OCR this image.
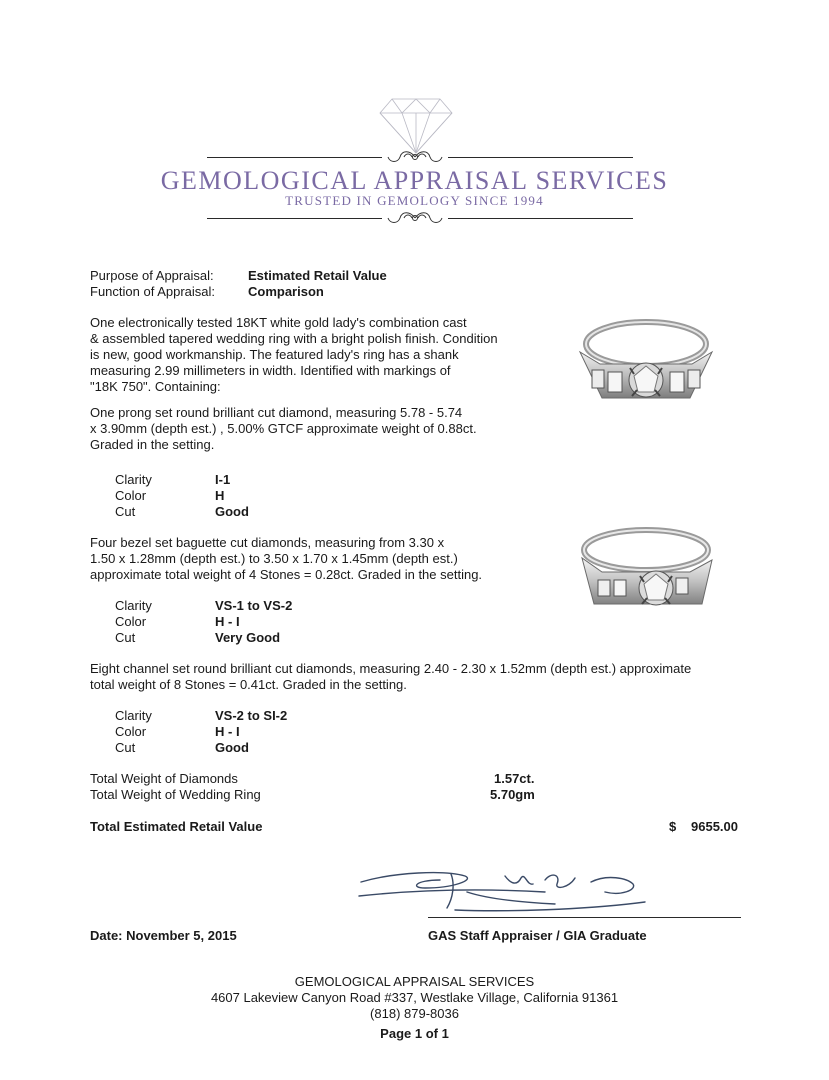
GEMOLOGICAL APPRAISAL SERVICES
TRUSTED IN GEMOLOGY SINCE 1994
Purpose of Appraisal:	Estimated Retail Value
Function of Appraisal:	Comparison
One electronically tested 18KT white gold lady's combination cast
& assembled tapered wedding ring with a bright polish finish. Condition
is new, good workmanship. The featured lady's ring has a shank
measuring 2.99 millimeters in width. Identified with markings of
"18K 750". Containing:
One prong set round brilliant cut diamond, measuring 5.78 - 5.74
x 3.90mm (depth est.) , 5.00% GTCF approximate weight of 0.88ct.
Graded in the setting.
Clarity	I-1
Color	H
Cut	Good
Four bezel set baguette cut diamonds, measuring from 3.30 x
1.50 x 1.28mm (depth est.) to 3.50 x 1.70 x 1.45mm (depth est.)
approximate total weight of 4 Stones = 0.28ct. Graded in the setting.
Clarity	VS-1 to VS-2
Color	H - I
Cut	Very Good
Eight channel set round brilliant cut diamonds, measuring 2.40 - 2.30 x 1.52mm (depth est.) approximate
total weight of 8 Stones = 0.41ct. Graded in the setting.
Clarity	VS-2 to SI-2
Color	H - I
Cut	Good
Total Weight of Diamonds	1.57ct.
Total Weight of Wedding Ring	5.70gm
Total Estimated Retail Value	$ 9655.00
Date: November 5, 2015	GAS Staff Appraiser / GIA Graduate
GEMOLOGICAL APPRAISAL SERVICES
4607 Lakeview Canyon Road #337, Westlake Village, California 91361
(818) 879-8036
Page 1 of 1
